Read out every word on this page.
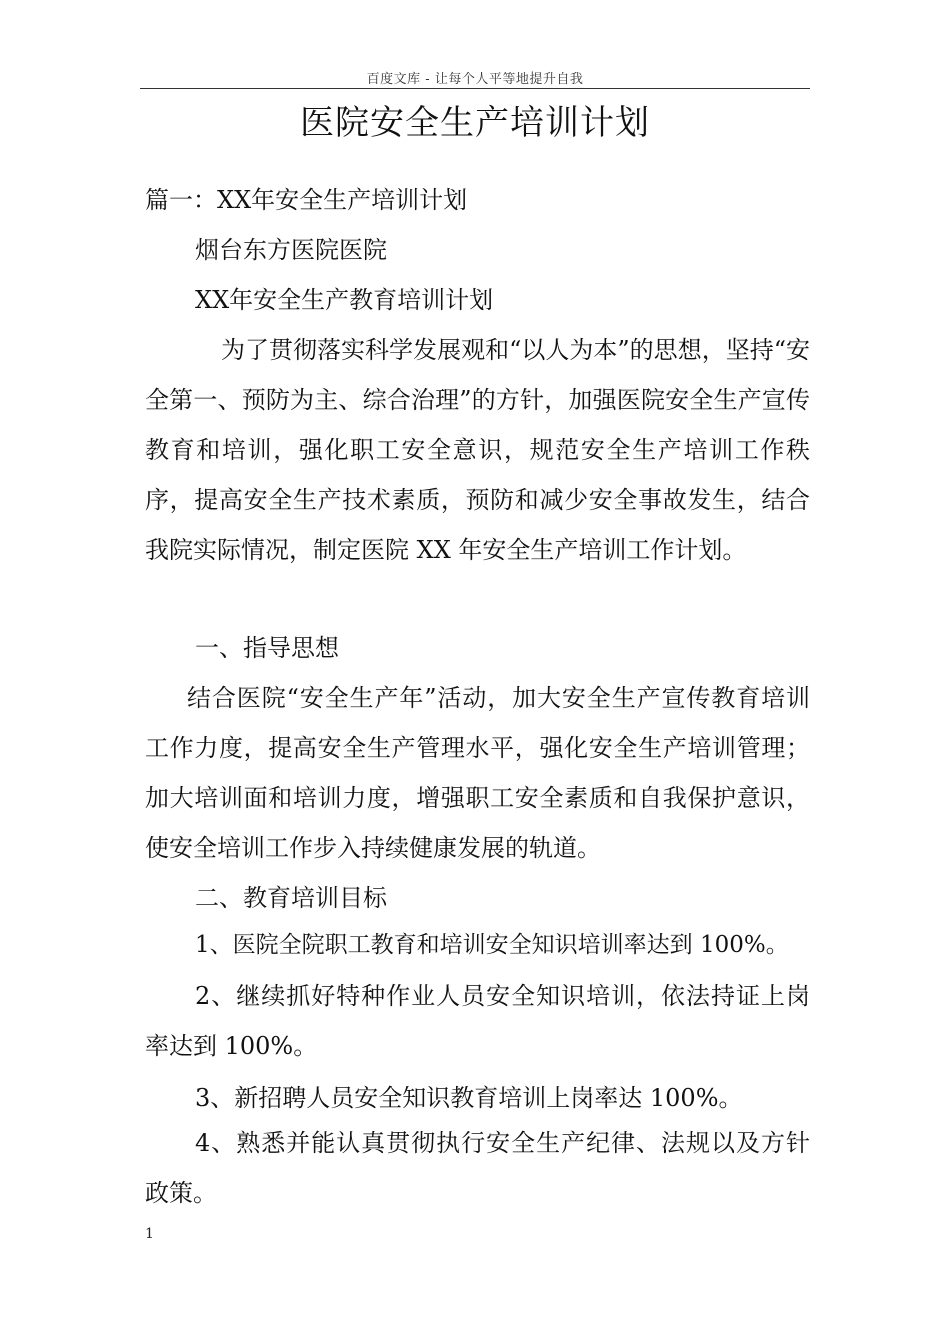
百度文库 - 让每个人平等地提升自我
医院安全生产培训计划
篇一：XX年安全生产培训计划
烟台东方医院医院
XX年安全生产教育培训计划
为了贯彻落实科学发展观和“以人为本”的思想，坚持“安全第一、预防为主、综合治理”的方针，加强医院安全生产宣传教育和培训，强化职工安全意识，规范安全生产培训工作秩序，提高安全生产技术素质，预防和减少安全事故发生，结合我院实际情况，制定医院 XX 年安全生产培训工作计划。
一、指导思想
结合医院“安全生产年”活动，加大安全生产宣传教育培训工作力度，提高安全生产管理水平，强化安全生产培训管理；加大培训面和培训力度，增强职工安全素质和自我保护意识，使安全培训工作步入持续健康发展的轨道。
二、教育培训目标
1、医院全院职工教育和培训安全知识培训率达到 100%。
2、继续抓好特种作业人员安全知识培训，依法持证上岗率达到 100%。
3、新招聘人员安全知识教育培训上岗率达 100%。
4、熟悉并能认真贯彻执行安全生产纪律、法规以及方针政策。
1
